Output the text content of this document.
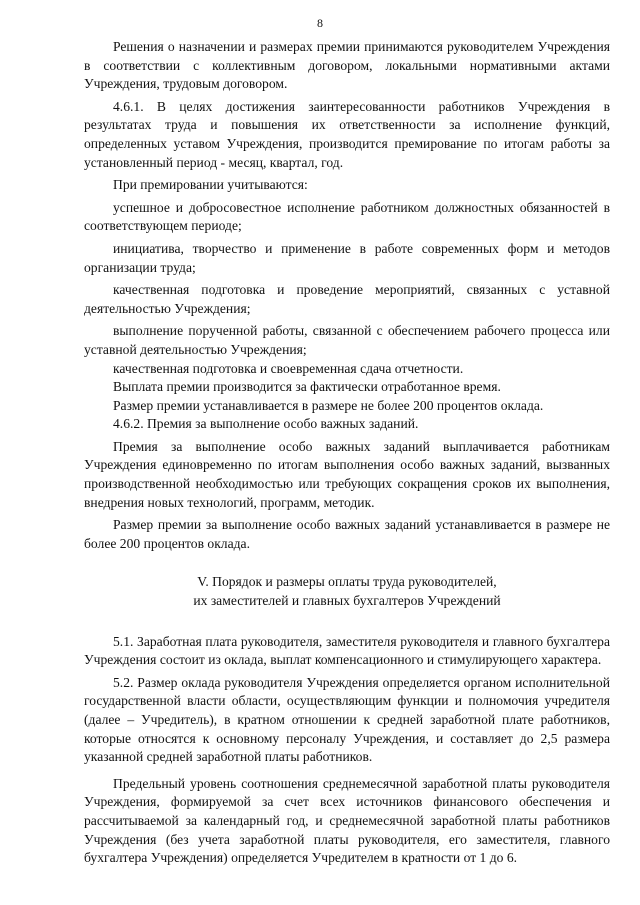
8

Решения о назначении и размерах премии принимаются руководителем Учреждения в соответствии с коллективным договором, локальными нормативными актами Учреждения, трудовым договором.

4.6.1. В целях достижения заинтересованности работников Учреждения в результатах труда и повышения их ответственности за исполнение функций, определенных уставом Учреждения, производится премирование по итогам работы за установленный период - месяц, квартал, год.

При премировании учитываются:

успешное и добросовестное исполнение работником должностных обязанностей в соответствующем периоде;

инициатива, творчество и применение в работе современных форм и методов организации труда;

качественная подготовка и проведение мероприятий, связанных с уставной деятельностью Учреждения;

выполнение порученной работы, связанной с обеспечением рабочего процесса или уставной деятельностью Учреждения;

качественная подготовка и своевременная сдача отчетности.

Выплата премии производится за фактически отработанное время.

Размер премии устанавливается в размере не более 200 процентов оклада.

4.6.2. Премия за выполнение особо важных заданий.

Премия за выполнение особо важных заданий выплачивается работникам Учреждения единовременно по итогам выполнения особо важных заданий, вызванных производственной необходимостью или требующих сокращения сроков их выполнения, внедрения новых технологий, программ, методик.

Размер премии за выполнение особо важных заданий устанавливается в размере не более 200 процентов оклада.

V. Порядок и размеры оплаты труда руководителей,
их заместителей и главных бухгалтеров Учреждений

5.1. Заработная плата руководителя, заместителя руководителя и главного бухгалтера Учреждения состоит из оклада, выплат компенсационного и стимулирующего характера.

5.2. Размер оклада руководителя Учреждения определяется органом исполнительной государственной власти области, осуществляющим функции и полномочия учредителя (далее – Учредитель), в кратном отношении к средней заработной плате работников, которые относятся к основному персоналу Учреждения, и составляет до 2,5 размера указанной средней заработной платы работников.

Предельный уровень соотношения среднемесячной заработной платы руководителя Учреждения, формируемой за счет всех источников финансового обеспечения и рассчитываемой за календарный год, и среднемесячной заработной платы работников Учреждения (без учета заработной платы руководителя, его заместителя, главного бухгалтера Учреждения) определяется Учредителем в кратности от 1 до 6.
